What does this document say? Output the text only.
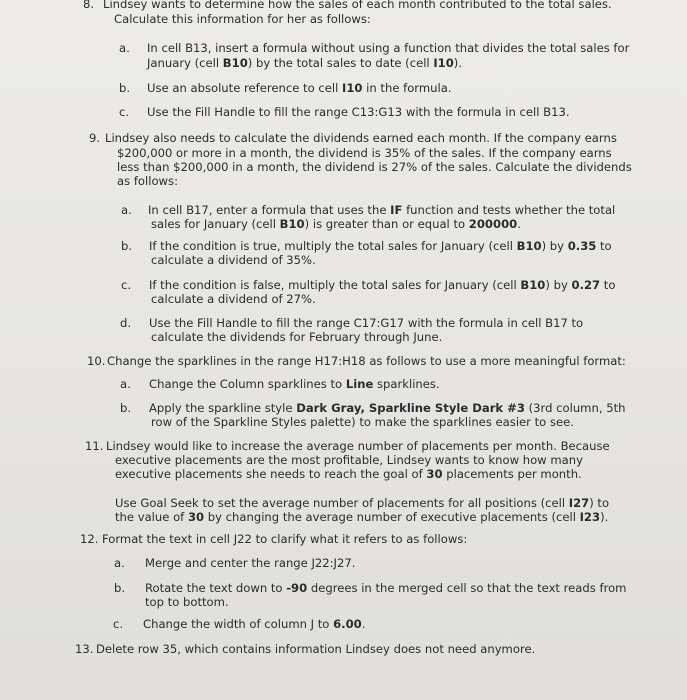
8. Lindsey wants to determine how the sales of each month contributed to the total sales.
Calculate this information for her as follows:
a. In cell B13, insert a formula without using a function that divides the total sales for
January (cell B10) by the total sales to date (cell I10).
b. Use an absolute reference to cell I10 in the formula.
c. Use the Fill Handle to fill the range C13:G13 with the formula in cell B13.
9. Lindsey also needs to calculate the dividends earned each month. If the company earns
$200,000 or more in a month, the dividend is 35% of the sales. If the company earns
less than $200,000 in a month, the dividend is 27% of the sales. Calculate the dividends
as follows:
a. In cell B17, enter a formula that uses the IF function and tests whether the total
sales for January (cell B10) is greater than or equal to 200000.
b. If the condition is true, multiply the total sales for January (cell B10) by 0.35 to
calculate a dividend of 35%.
c. If the condition is false, multiply the total sales for January (cell B10) by 0.27 to
calculate a dividend of 27%.
d. Use the Fill Handle to fill the range C17:G17 with the formula in cell B17 to
calculate the dividends for February through June.
10. Change the sparklines in the range H17:H18 as follows to use a more meaningful format:
a. Change the Column sparklines to Line sparklines.
b. Apply the sparkline style Dark Gray, Sparkline Style Dark #3 (3rd column, 5th
row of the Sparkline Styles palette) to make the sparklines easier to see.
11. Lindsey would like to increase the average number of placements per month. Because
executive placements are the most profitable, Lindsey wants to know how many
executive placements she needs to reach the goal of 30 placements per month.
Use Goal Seek to set the average number of placements for all positions (cell I27) to
the value of 30 by changing the average number of executive placements (cell I23).
12. Format the text in cell J22 to clarify what it refers to as follows:
a. Merge and center the range J22:J27.
b. Rotate the text down to -90 degrees in the merged cell so that the text reads from
top to bottom.
c. Change the width of column J to 6.00.
13. Delete row 35, which contains information Lindsey does not need anymore.
